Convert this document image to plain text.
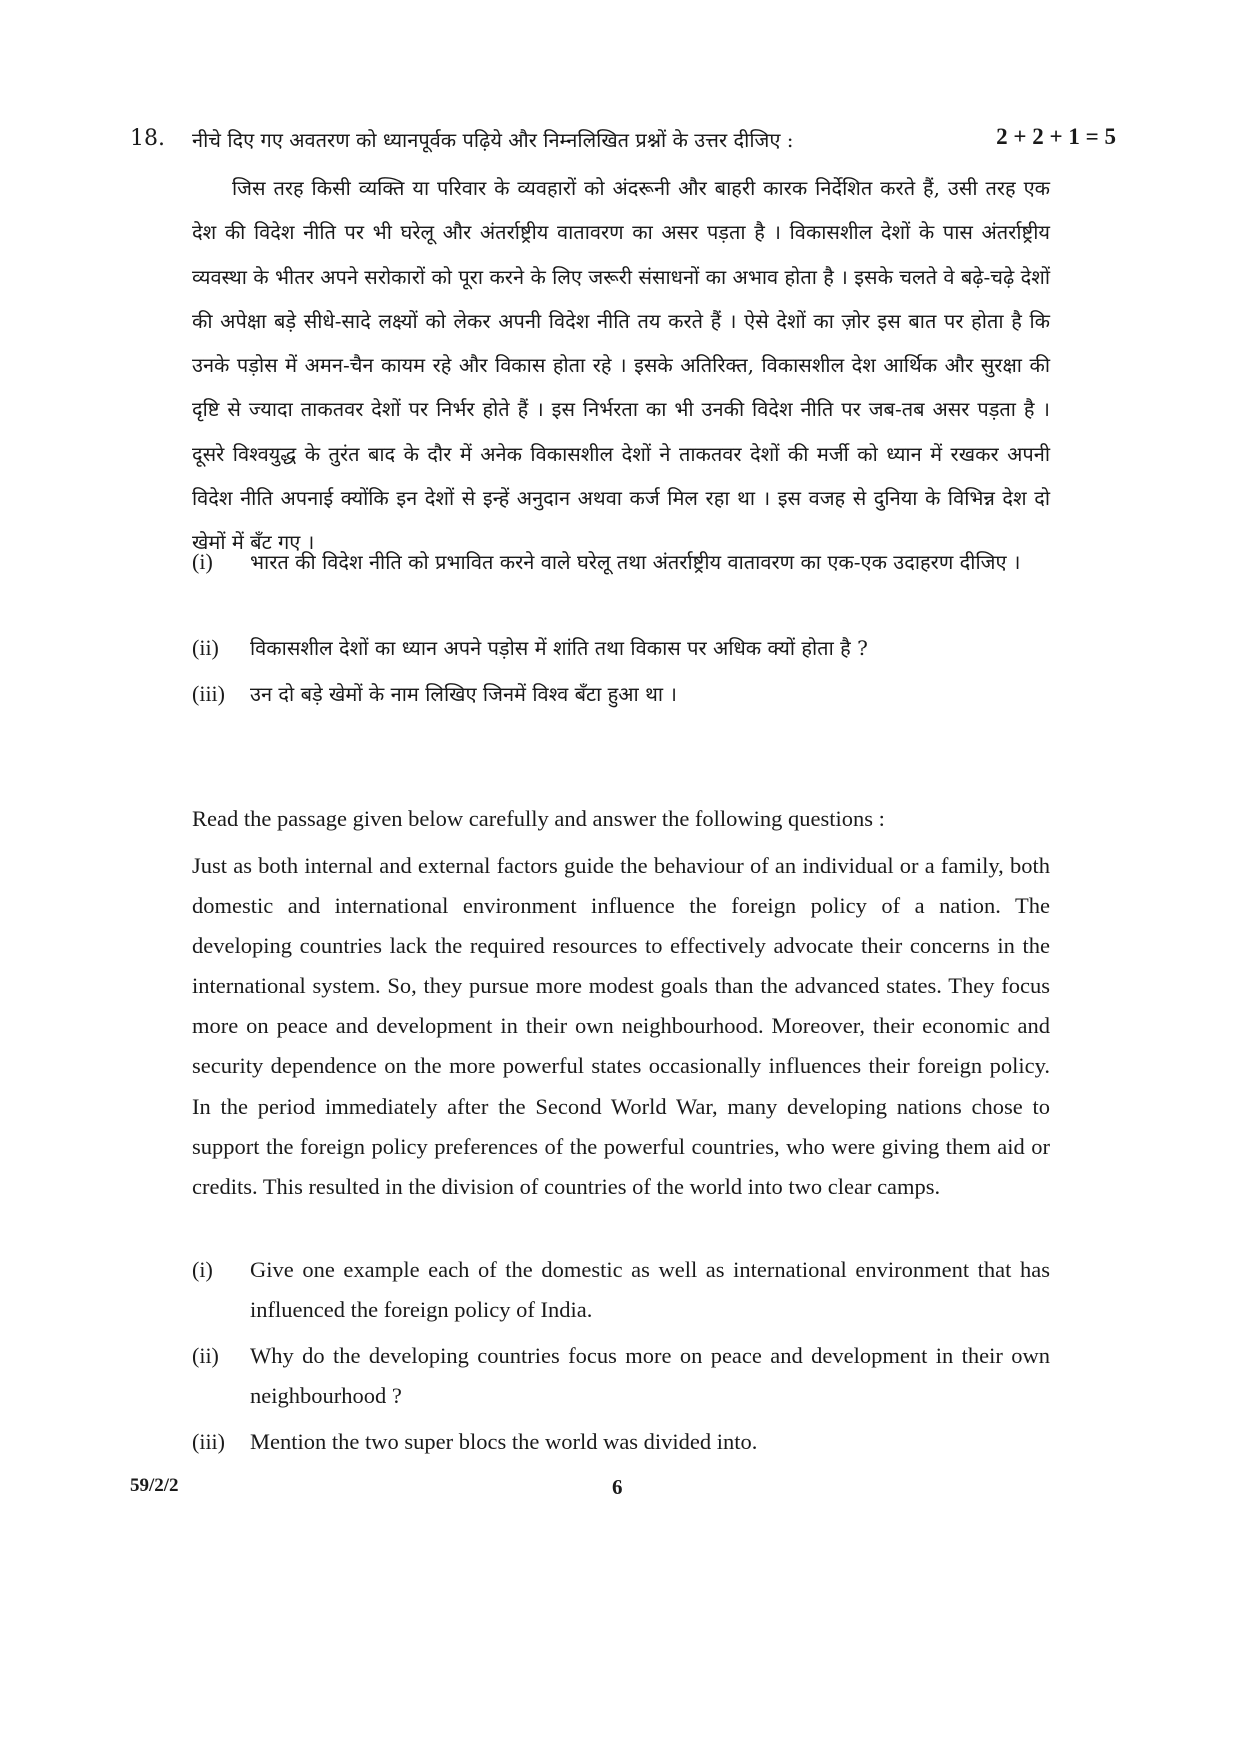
18. नीचे दिए गए अवतरण को ध्यानपूर्वक पढ़िये और निम्नलिखित प्रश्नों के उत्तर दीजिए :	2 + 2 + 1 = 5

जिस तरह किसी व्यक्ति या परिवार के व्यवहारों को अंदरूनी और बाहरी कारक निर्देशित करते हैं, उसी तरह एक देश की विदेश नीति पर भी घरेलू और अंतर्राष्ट्रीय वातावरण का असर पड़ता है । विकासशील देशों के पास अंतर्राष्ट्रीय व्यवस्था के भीतर अपने सरोकारों को पूरा करने के लिए जरूरी संसाधनों का अभाव होता है । इसके चलते वे बढ़े-चढ़े देशों की अपेक्षा बड़े सीधे-सादे लक्ष्यों को लेकर अपनी विदेश नीति तय करते हैं । ऐसे देशों का ज़ोर इस बात पर होता है कि उनके पड़ोस में अमन-चैन कायम रहे और विकास होता रहे । इसके अतिरिक्त, विकासशील देश आर्थिक और सुरक्षा की दृष्टि से ज्यादा ताकतवर देशों पर निर्भर होते हैं । इस निर्भरता का भी उनकी विदेश नीति पर जब-तब असर पड़ता है । दूसरे विश्वयुद्ध के तुरंत बाद के दौर में अनेक विकासशील देशों ने ताकतवर देशों की मर्जी को ध्यान में रखकर अपनी विदेश नीति अपनाई क्योंकि इन देशों से इन्हें अनुदान अथवा कर्ज मिल रहा था । इस वजह से दुनिया के विभिन्न देश दो खेमों में बँट गए ।

(i) भारत की विदेश नीति को प्रभावित करने वाले घरेलू तथा अंतर्राष्ट्रीय वातावरण का एक-एक उदाहरण दीजिए ।
(ii) विकासशील देशों का ध्यान अपने पड़ोस में शांति तथा विकास पर अधिक क्यों होता है ?
(iii) उन दो बड़े खेमों के नाम लिखिए जिनमें विश्व बँटा हुआ था ।
Read the passage given below carefully and answer the following questions :

Just as both internal and external factors guide the behaviour of an individual or a family, both domestic and international environment influence the foreign policy of a nation. The developing countries lack the required resources to effectively advocate their concerns in the international system. So, they pursue more modest goals than the advanced states. They focus more on peace and development in their own neighbourhood. Moreover, their economic and security dependence on the more powerful states occasionally influences their foreign policy. In the period immediately after the Second World War, many developing nations chose to support the foreign policy preferences of the powerful countries, who were giving them aid or credits. This resulted in the division of countries of the world into two clear camps.

(i) Give one example each of the domestic as well as international environment that has influenced the foreign policy of India.
(ii) Why do the developing countries focus more on peace and development in their own neighbourhood ?
(iii) Mention the two super blocs the world was divided into.
59/2/2	6
